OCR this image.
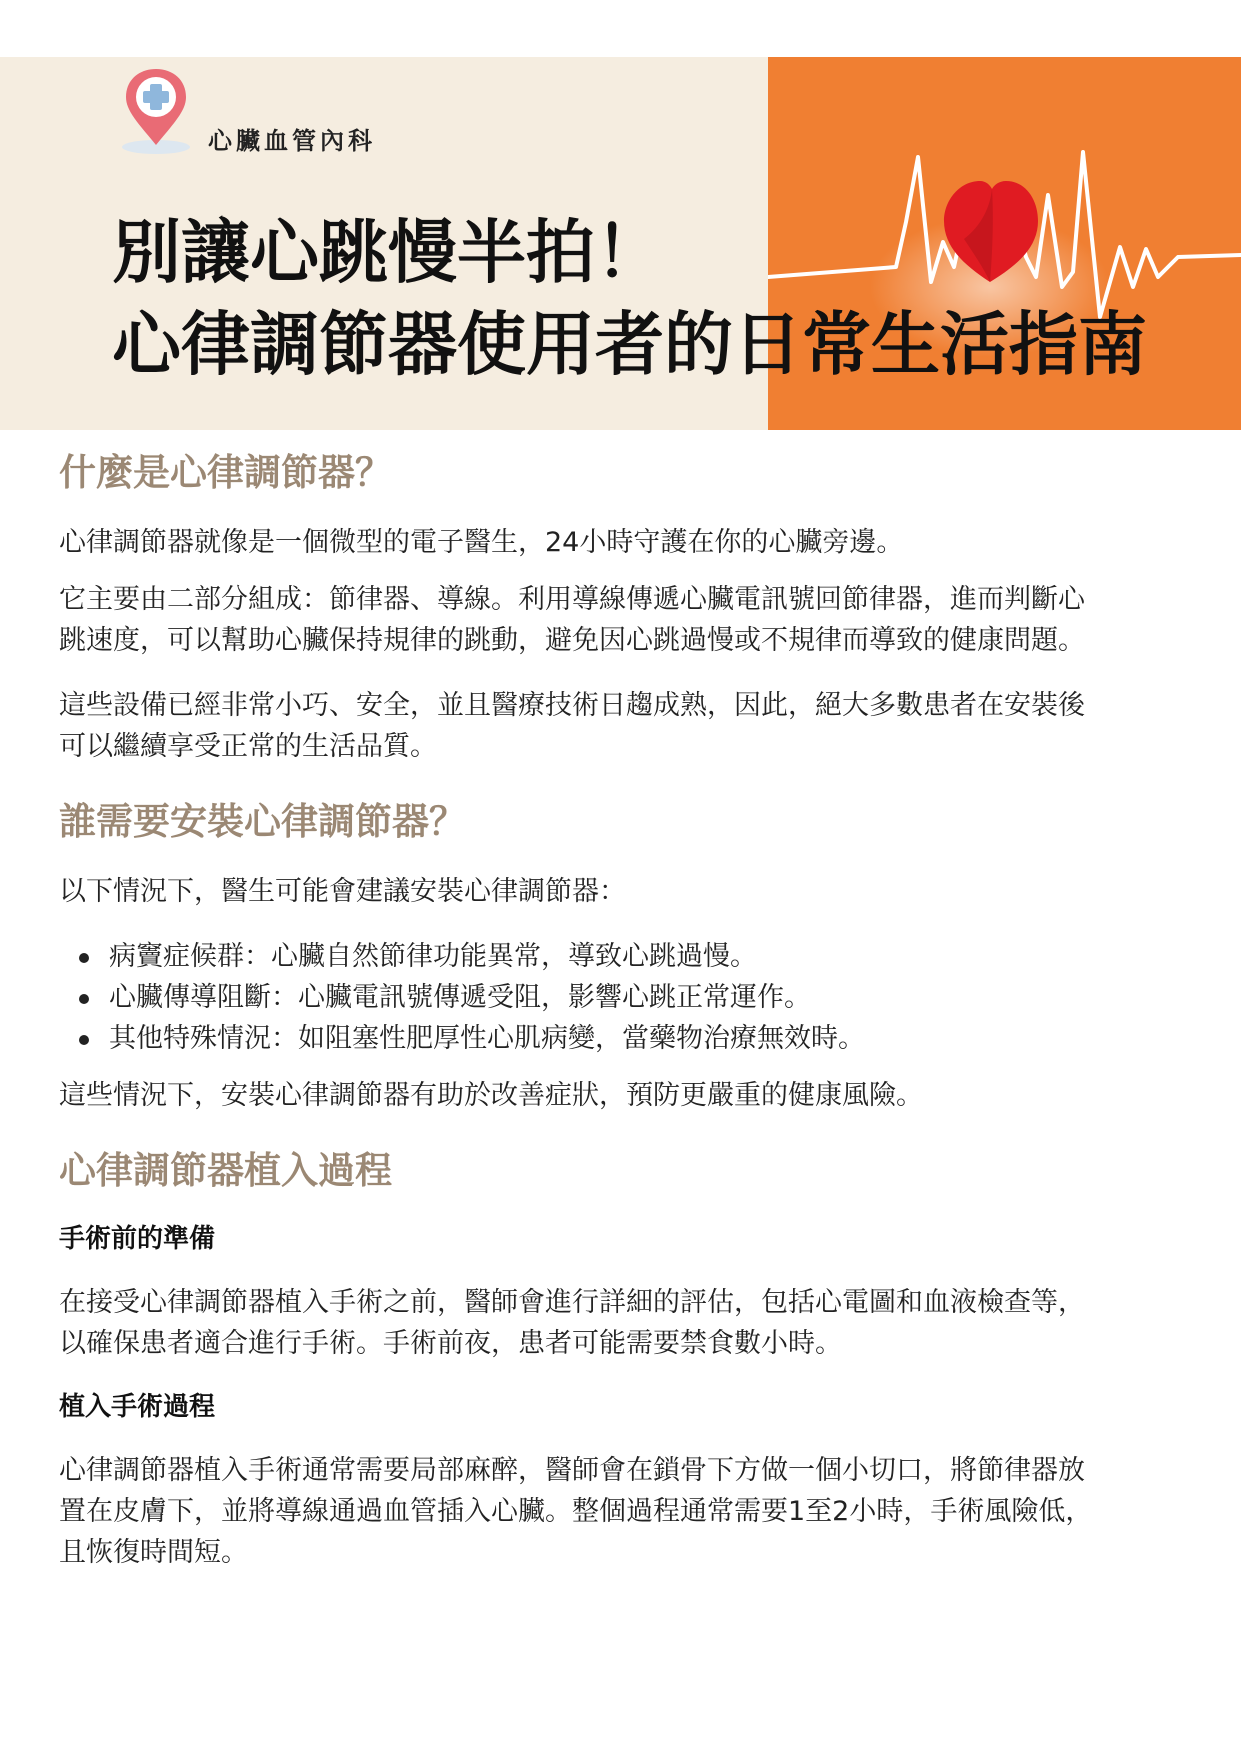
心臟血管內科
別讓心跳慢半拍！
心律調節器使用者的日常生活指南
什麼是心律調節器？

心律調節器就像是一個微型的電子醫生，24小時守護在你的心臟旁邊。

它主要由二部分組成：節律器、導線。利用導線傳遞心臟電訊號回節律器，進而判斷心
跳速度，可以幫助心臟保持規律的跳動，避免因心跳過慢或不規律而導致的健康問題。

這些設備已經非常小巧、安全，並且醫療技術日趨成熟，因此，絕大多數患者在安裝後
可以繼續享受正常的生活品質。

誰需要安裝心律調節器？

以下情況下，醫生可能會建議安裝心律調節器：

病竇症候群：心臟自然節律功能異常，導致心跳過慢。
心臟傳導阻斷：心臟電訊號傳遞受阻，影響心跳正常運作。
其他特殊情況：如阻塞性肥厚性心肌病變，當藥物治療無效時。

這些情況下，安裝心律調節器有助於改善症狀，預防更嚴重的健康風險。

心律調節器植入過程
手術前的準備

在接受心律調節器植入手術之前，醫師會進行詳細的評估，包括心電圖和血液檢查等，
以確保患者適合進行手術。手術前夜，患者可能需要禁食數小時。

植入手術過程

心律調節器植入手術通常需要局部麻醉，醫師會在鎖骨下方做一個小切口，將節律器放
置在皮膚下，並將導線通過血管插入心臟。整個過程通常需要1至2小時，手術風險低，
且恢復時間短。
